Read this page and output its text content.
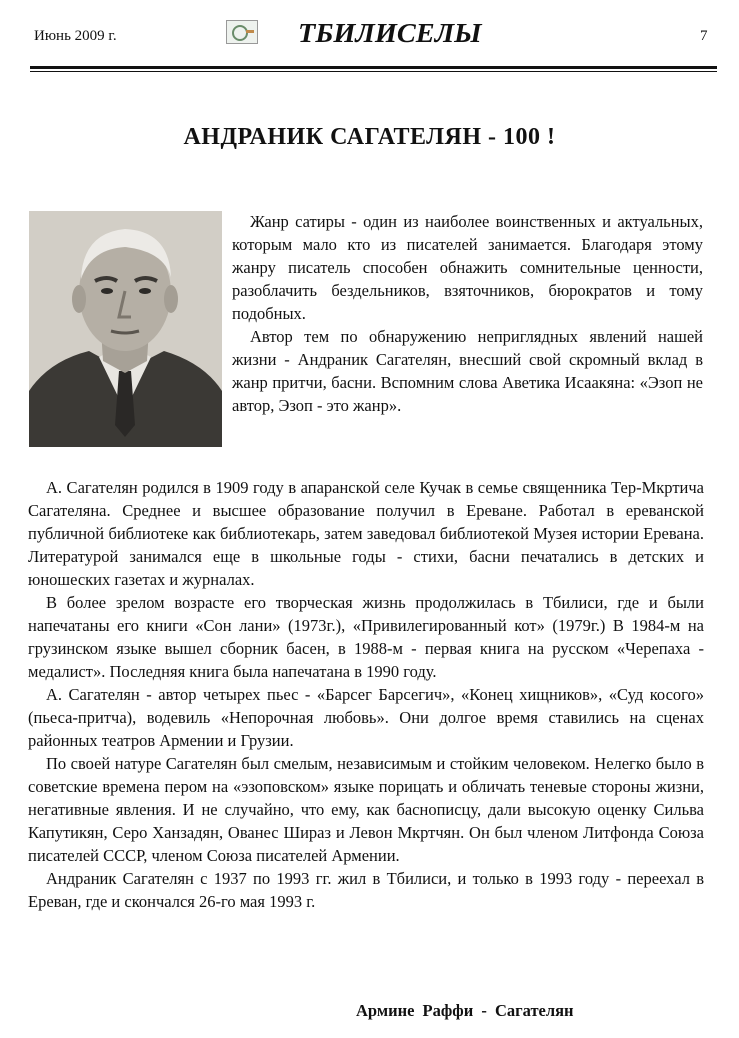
Июнь 2009 г.	ТБИЛИСЕЛЫ	7
АНДРАНИК САГАТЕЛЯН - 100 !

Жанр сатиры - один из наиболее воинственных и актуальных, которым мало кто из писателей занимается. Благодаря этому жанру писатель способен обнажить сомнительные ценности, разоблачить бездельников, взяточников, бюрократов и тому подобных.

Автор тем по обнаружению неприглядных явлений нашей жизни - Андраник Сагателян, внесший свой скромный вклад в жанр притчи, басни. Вспомним слова Аветика Исаакяна: «Эзоп не автор, Эзоп - это жанр».

А. Сагателян родился в 1909 году в апаранской селе Кучак в семье священника Тер-Мкртича Сагателяна. Среднее и высшее образование получил в Ереване. Работал в ереванской публичной библиотеке как библиотекарь, затем заведовал библиотекой Музея истории Еревана. Литературой занимался еще в школьные годы - стихи, басни печатались в детских и юношеских газетах и журналах.

В более зрелом возрасте его творческая жизнь продолжилась в Тбилиси, где и были напечатаны его книги «Сон лани» (1973г.), «Привилегированный кот» (1979г.) В 1984-м на грузинском языке вышел сборник басен, в 1988-м - первая книга на русском «Черепаха - медалист». Последняя книга была напечатана в 1990 году.

А. Сагателян - автор четырех пьес - «Барсег Барсегич», «Конец хищников», «Суд косого» (пьеса-притча), водевиль «Непорочная любовь». Они долгое время ставились на сценах районных театров Армении и Грузии.

По своей натуре Сагателян был смелым, независимым и стойким человеком. Нелегко было в советские времена пером на «эзоповском» языке порицать и обличать теневые стороны жизни, негативные явления. И не случайно, что ему, как баснописцу, дали высокую оценку Сильва Капутикян, Серо Ханзадян, Ованес Шираз и Левон Мкртчян. Он был членом Литфонда Союза писателей СССР, членом Союза писателей Армении.

Андраник Сагателян с 1937 по 1993 гг. жил в Тбилиси, и только в 1993 году - переехал в Ереван, где и скончался 26-го мая 1993 г.

Армине Раффи - Сагателян
